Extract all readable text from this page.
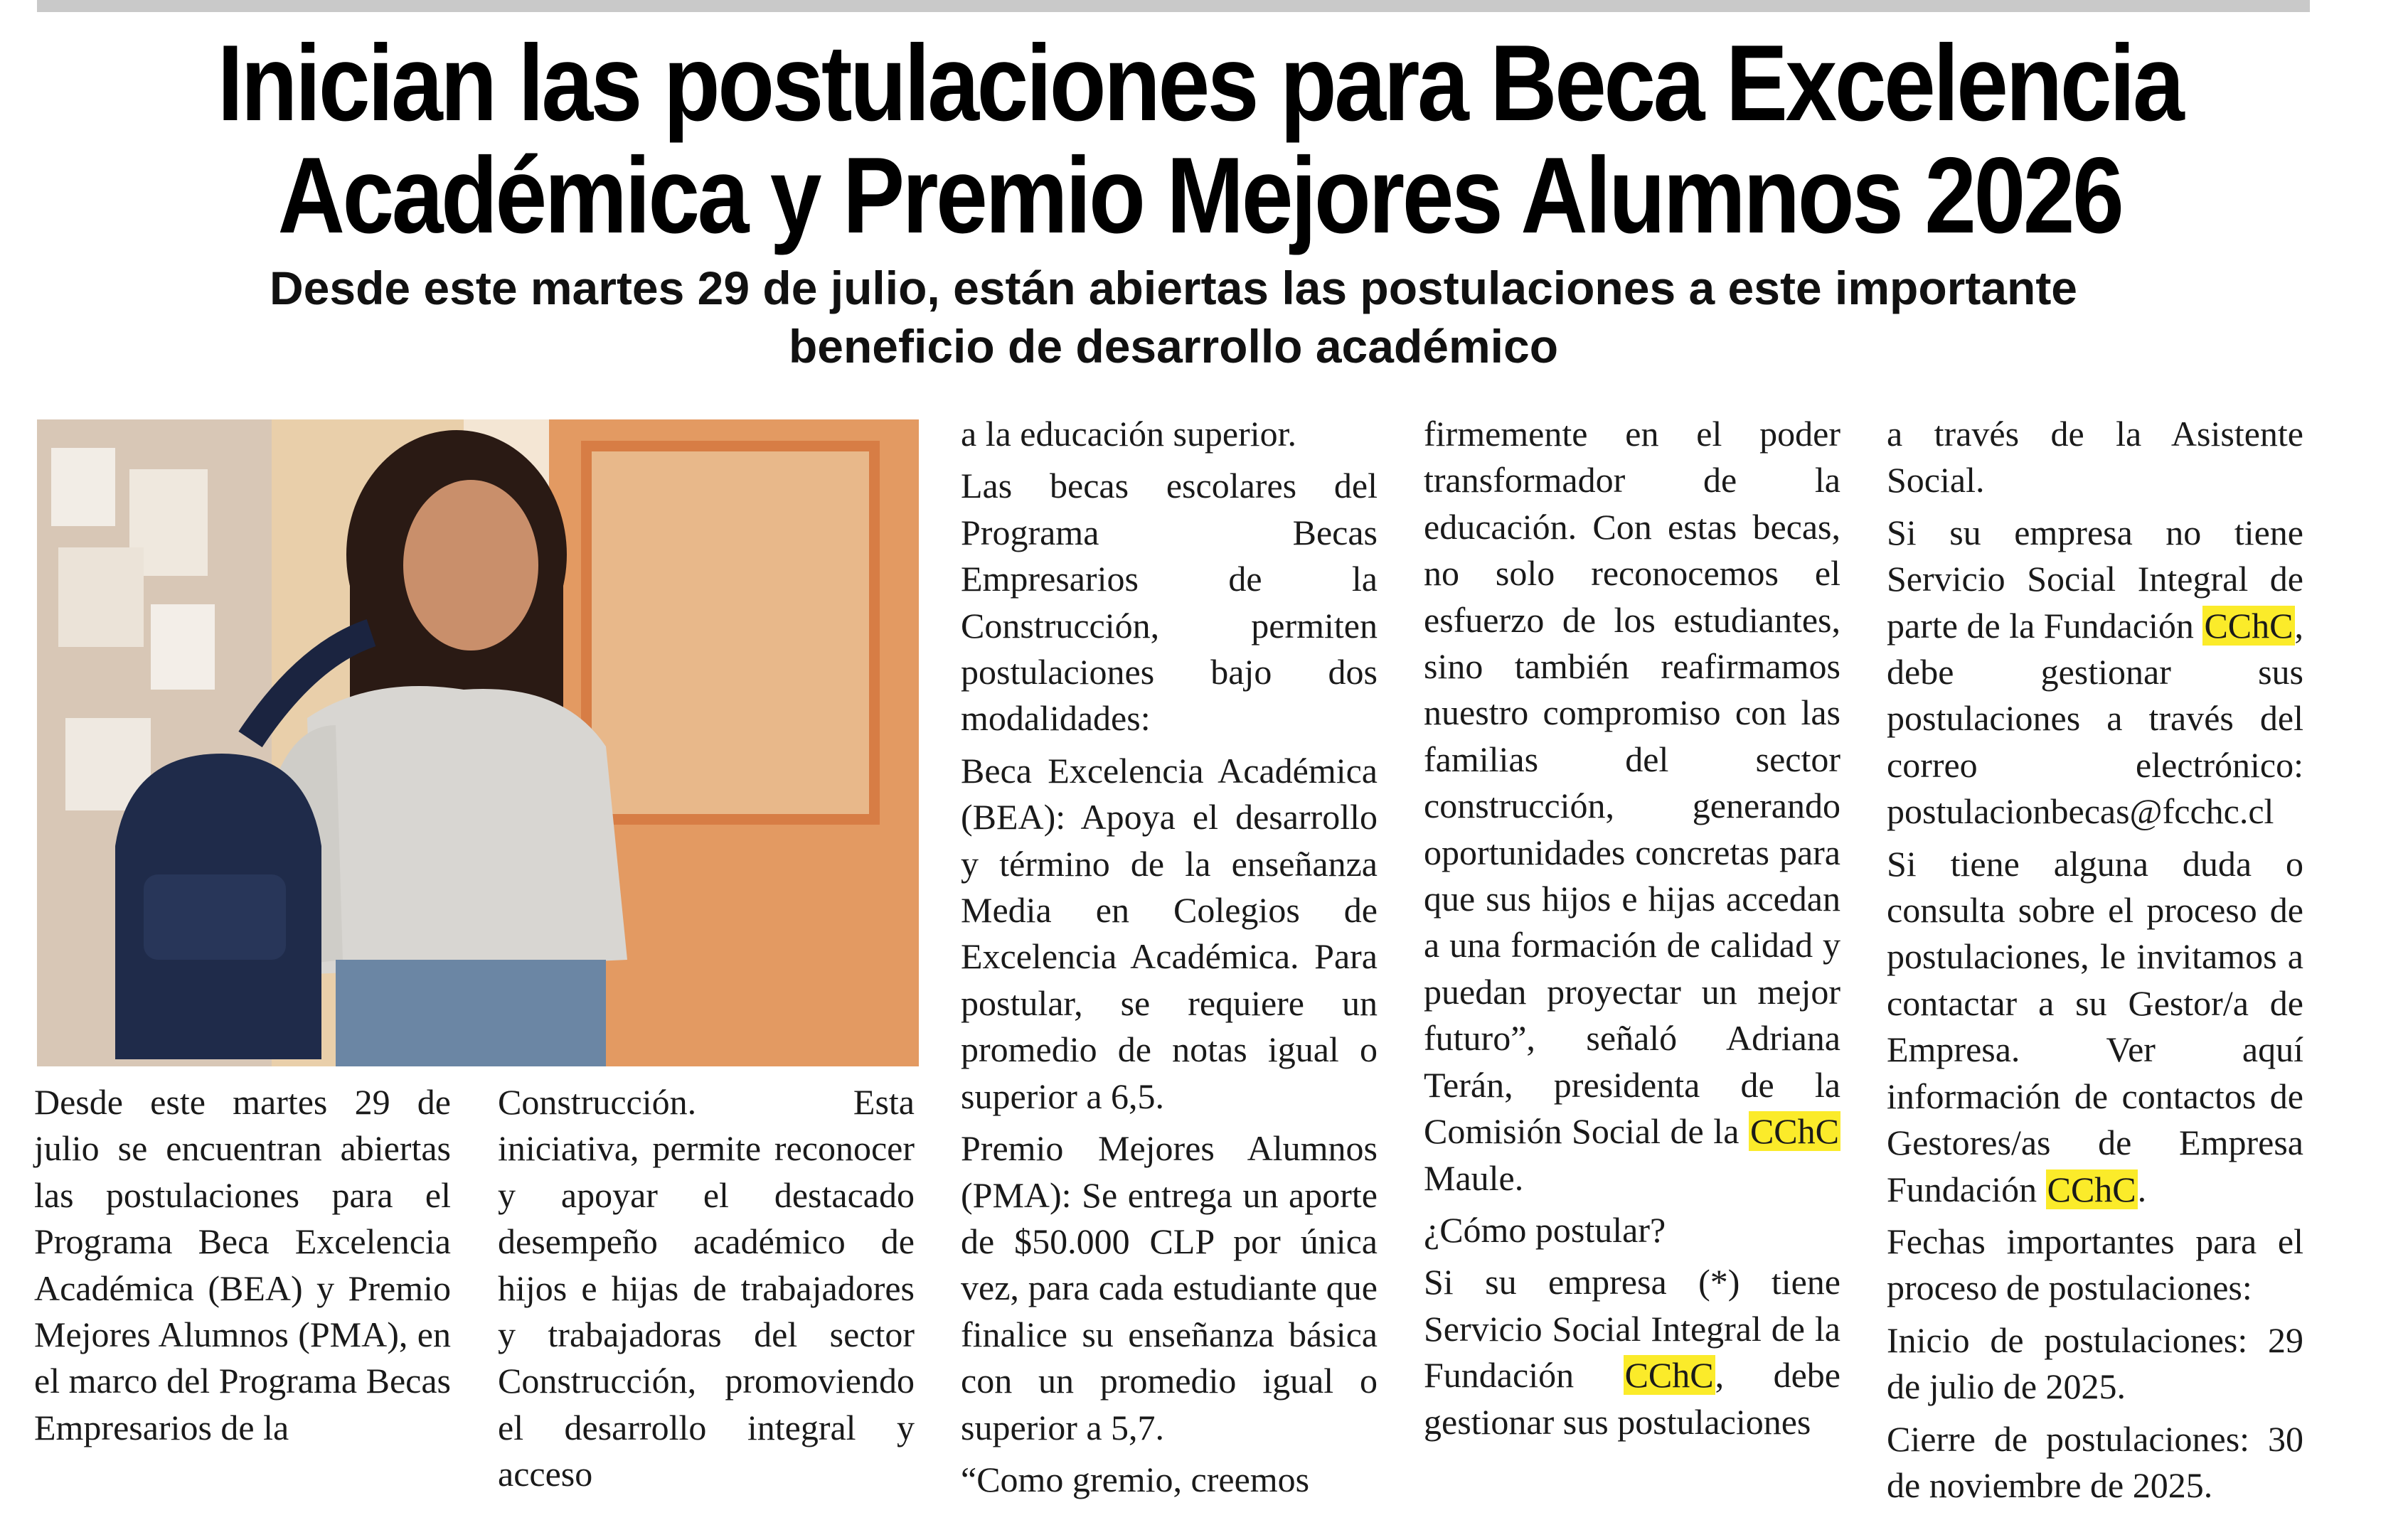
Inician las postulaciones para Beca Excelencia
Académica y Premio Mejores Alumnos 2026
Desde este martes 29 de julio, están abiertas las postulaciones a este importante beneficio de desarrollo académico

Desde este martes 29 de julio se encuentran abiertas las postulaciones para el Programa Beca Excelencia Académica (BEA) y Premio Mejores Alumnos (PMA), en el marco del Programa Becas Empresarios de la

Construcción. Esta iniciativa, permite reconocer y apoyar el destacado desempeño académico de hijos e hijas de trabajadores y trabajadoras del sector Construcción, promoviendo el desarrollo integral y acceso

a la educación superior.

Las becas escolares del Programa Becas Empresarios de la Construcción, permiten postulaciones bajo dos modalidades:

Beca Excelencia Académica (BEA): Apoya el desarrollo y término de la enseñanza Media en Colegios de Excelencia Académica. Para postular, se requiere un promedio de notas igual o superior a 6,5.

Premio Mejores Alumnos (PMA): Se entrega un aporte de $50.000 CLP por única vez, para cada estudiante que finalice su enseñanza básica con un promedio igual o superior a 5,7.

“Como gremio, creemos

firmemente en el poder transformador de la educación. Con estas becas, no solo reconocemos el esfuerzo de los estudiantes, sino también reafirmamos nuestro compromiso con las familias del sector construcción, generando oportunidades concretas para que sus hijos e hijas accedan a una formación de calidad y puedan proyectar un mejor futuro”, señaló Adriana Terán, presidenta de la Comisión Social de la CChC Maule.

¿Cómo postular?

Si su empresa (*) tiene Servicio Social Integral de la Fundación CChC, debe gestionar sus postulaciones

a través de la Asistente Social.

Si su empresa no tiene Servicio Social Integral de parte de la Fundación CChC, debe gestionar sus postulaciones a través del correo electrónico: postulacionbecas@fcchc.cl

Si tiene alguna duda o consulta sobre el proceso de postulaciones, le invitamos a contactar a su Gestor/a de Empresa. Ver aquí información de contactos de Gestores/as de Empresa Fundación CChC.

Fechas importantes para el proceso de postulaciones:

Inicio de postulaciones: 29 de julio de 2025.

Cierre de postulaciones: 30 de noviembre de 2025.
